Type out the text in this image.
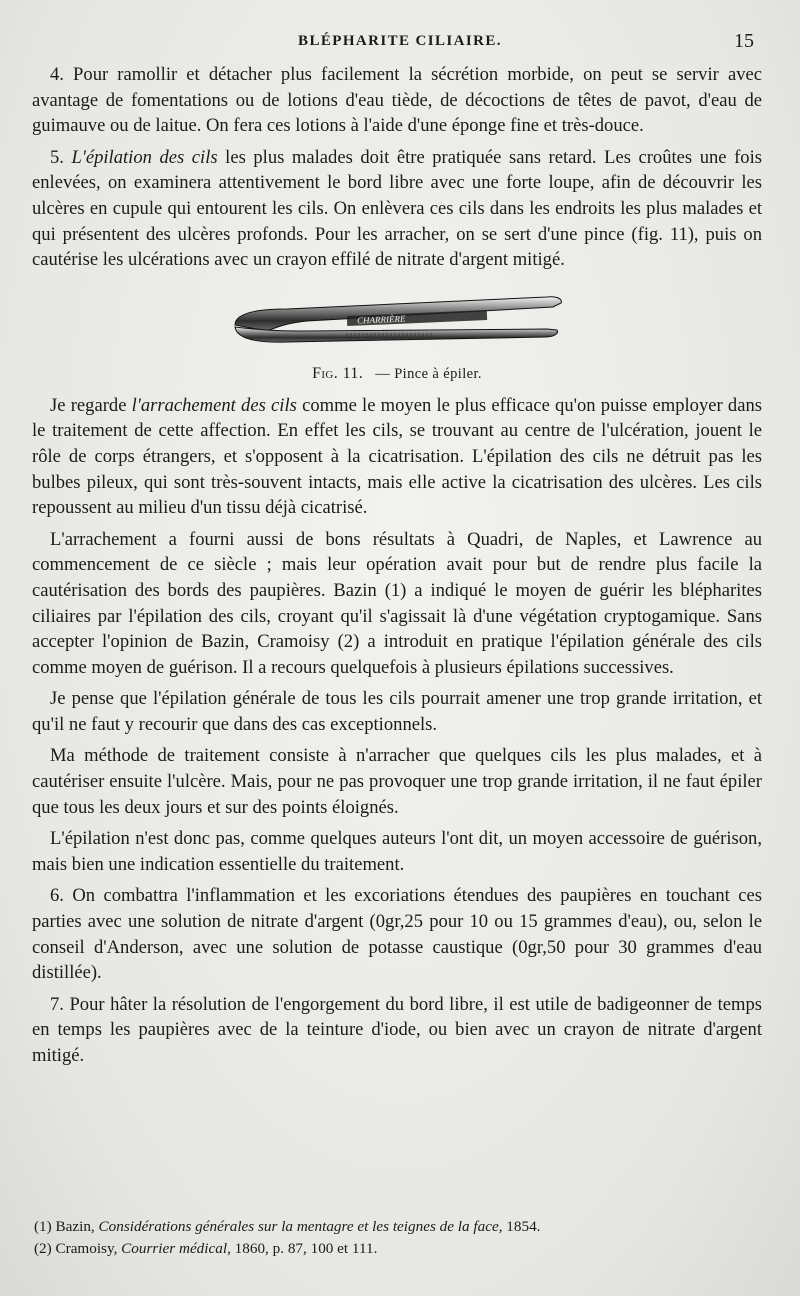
BLÉPHARITE CILIAIRE.	15

4. Pour ramollir et détacher plus facilement la sécrétion morbide, on peut se servir avec avantage de fomentations ou de lotions d'eau tiède, de décoctions de têtes de pavot, d'eau de guimauve ou de laitue. On fera ces lotions à l'aide d'une éponge fine et très-douce.

5. L'épilation des cils les plus malades doit être pratiquée sans retard. Les croûtes une fois enlevées, on examinera attentivement le bord libre avec une forte loupe, afin de découvrir les ulcères en cupule qui entourent les cils. On enlèvera ces cils dans les endroits les plus malades et qui présentent des ulcères profonds. Pour les arracher, on se sert d'une pince (fig. 11), puis on cautérise les ulcérations avec un crayon effilé de nitrate d'argent mitigé.

CHARRIÈRE
Fig. 11. — Pince à épiler.

Je regarde l'arrachement des cils comme le moyen le plus efficace qu'on puisse employer dans le traitement de cette affection. En effet les cils, se trouvant au centre de l'ulcération, jouent le rôle de corps étrangers, et s'opposent à la cicatrisation. L'épilation des cils ne détruit pas les bulbes pileux, qui sont très-souvent intacts, mais elle active la cicatrisation des ulcères. Les cils repoussent au milieu d'un tissu déjà cicatrisé.

L'arrachement a fourni aussi de bons résultats à Quadri, de Naples, et Lawrence au commencement de ce siècle ; mais leur opération avait pour but de rendre plus facile la cautérisation des bords des paupières. Bazin (1) a indiqué le moyen de guérir les blépharites ciliaires par l'épilation des cils, croyant qu'il s'agissait là d'une végétation cryptogamique. Sans accepter l'opinion de Bazin, Cramoisy (2) a introduit en pratique l'épilation générale des cils comme moyen de guérison. Il a recours quelquefois à plusieurs épilations successives.

Je pense que l'épilation générale de tous les cils pourrait amener une trop grande irritation, et qu'il ne faut y recourir que dans des cas exceptionnels.

Ma méthode de traitement consiste à n'arracher que quelques cils les plus malades, et à cautériser ensuite l'ulcère. Mais, pour ne pas provoquer une trop grande irritation, il ne faut épiler que tous les deux jours et sur des points éloignés.

L'épilation n'est donc pas, comme quelques auteurs l'ont dit, un moyen accessoire de guérison, mais bien une indication essentielle du traitement.

6. On combattra l'inflammation et les excoriations étendues des paupières en touchant ces parties avec une solution de nitrate d'argent (0gr,25 pour 10 ou 15 grammes d'eau), ou, selon le conseil d'Anderson, avec une solution de potasse caustique (0gr,50 pour 30 grammes d'eau distillée).

7. Pour hâter la résolution de l'engorgement du bord libre, il est utile de badigeonner de temps en temps les paupières avec de la teinture d'iode, ou bien avec un crayon de nitrate d'argent mitigé.

(1) Bazin, Considérations générales sur la mentagre et les teignes de la face, 1854.

(2) Cramoisy, Courrier médical, 1860, p. 87, 100 et 111.
